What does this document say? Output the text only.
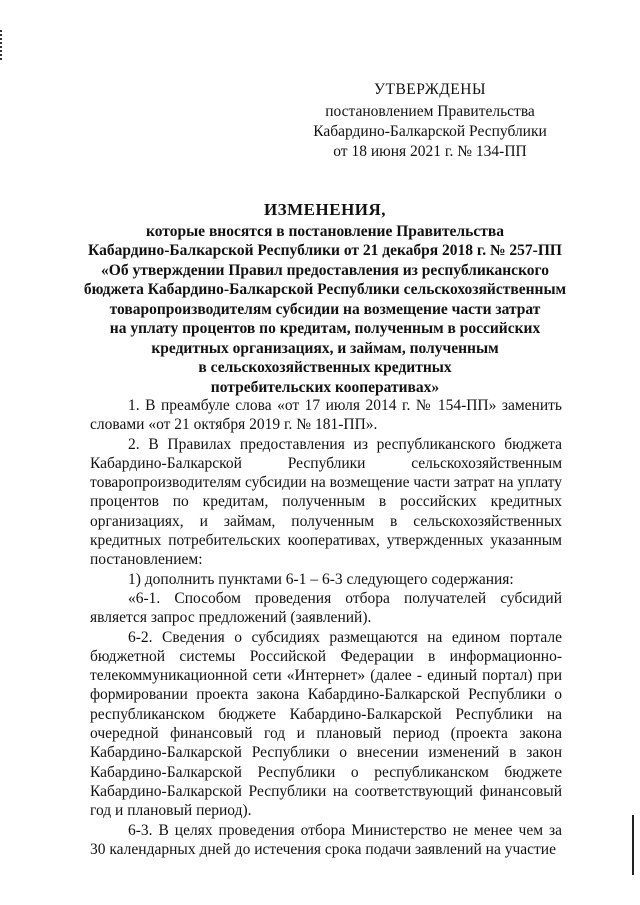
УТВЕРЖДЕНЫ
постановлением Правительства
Кабардино-Балкарской Республики
от 18 июня 2021 г. № 134-ПП
ИЗМЕНЕНИЯ,
которые вносятся в постановление Правительства
Кабардино-Балкарской Республики от 21 декабря 2018 г. № 257-ПП
«Об утверждении Правил предоставления из республиканского
бюджета Кабардино-Балкарской Республики сельскохозяйственным
товаропроизводителям субсидии на возмещение части затрат
на уплату процентов по кредитам, полученным в российских
кредитных организациях, и займам, полученным
в сельскохозяйственных кредитных
потребительских кооперативах»

1. В преамбуле слова «от 17 июля 2014 г. № 154-ПП» заменить словами «от 21 октября 2019 г. № 181-ПП».

2. В Правилах предоставления из республиканского бюджета Кабардино-Балкарской Республики сельскохозяйственным товаропроизводителям субсидии на возмещение части затрат на уплату процентов по кредитам, полученным в российских кредитных организациях, и займам, полученным в сельскохозяйственных кредитных потребительских кооперативах, утвержденных указанным постановлением:

1) дополнить пунктами 6-1 – 6-3 следующего содержания:

«6-1. Способом проведения отбора получателей субсидий является запрос предложений (заявлений).

6-2. Сведения о субсидиях размещаются на едином портале бюджетной системы Российской Федерации в информационно-телекоммуникационной сети «Интернет» (далее - единый портал) при формировании проекта закона Кабардино-Балкарской Республики о республиканском бюджете Кабардино-Балкарской Республики на очередной финансовый год и плановый период (проекта закона Кабардино-Балкарской Республики о внесении изменений в закон Кабардино-Балкарской Республики о республиканском бюджете Кабардино-Балкарской Республики на соответствующий финансовый год и плановый период).

6-3. В целях проведения отбора Министерство не менее чем за 30 календарных дней до истечения срока подачи заявлений на участие
